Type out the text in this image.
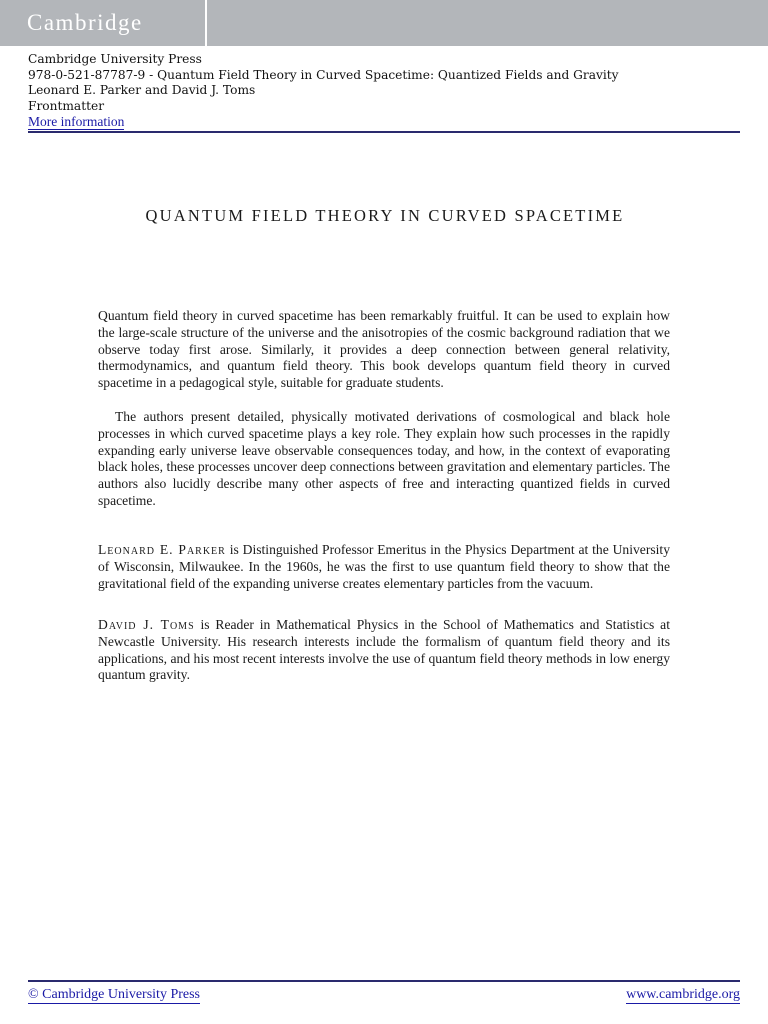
Cambridge
Cambridge University Press
978-0-521-87787-9 - Quantum Field Theory in Curved Spacetime: Quantized Fields and Gravity
Leonard E. Parker and David J. Toms
Frontmatter
More information
QUANTUM FIELD THEORY IN CURVED SPACETIME

Quantum field theory in curved spacetime has been remarkably fruitful. It can be used to explain how the large-scale structure of the universe and the anisotropies of the cosmic background radiation that we observe today first arose. Similarly, it provides a deep connection between general relativity, thermodynamics, and quantum field theory. This book develops quantum field theory in curved spacetime in a pedagogical style, suitable for graduate students.

The authors present detailed, physically motivated derivations of cosmological and black hole processes in which curved spacetime plays a key role. They explain how such processes in the rapidly expanding early universe leave observable consequences today, and how, in the context of evaporating black holes, these processes uncover deep connections between gravitation and elementary particles. The authors also lucidly describe many other aspects of free and interacting quantized fields in curved spacetime.

Leonard E. Parker is Distinguished Professor Emeritus in the Physics Department at the University of Wisconsin, Milwaukee. In the 1960s, he was the first to use quantum field theory to show that the gravitational field of the expanding universe creates elementary particles from the vacuum.

David J. Toms is Reader in Mathematical Physics in the School of Mathematics and Statistics at Newcastle University. His research interests include the formalism of quantum field theory and its applications, and his most recent interests involve the use of quantum field theory methods in low energy quantum gravity.

© Cambridge University Press	www.cambridge.org
